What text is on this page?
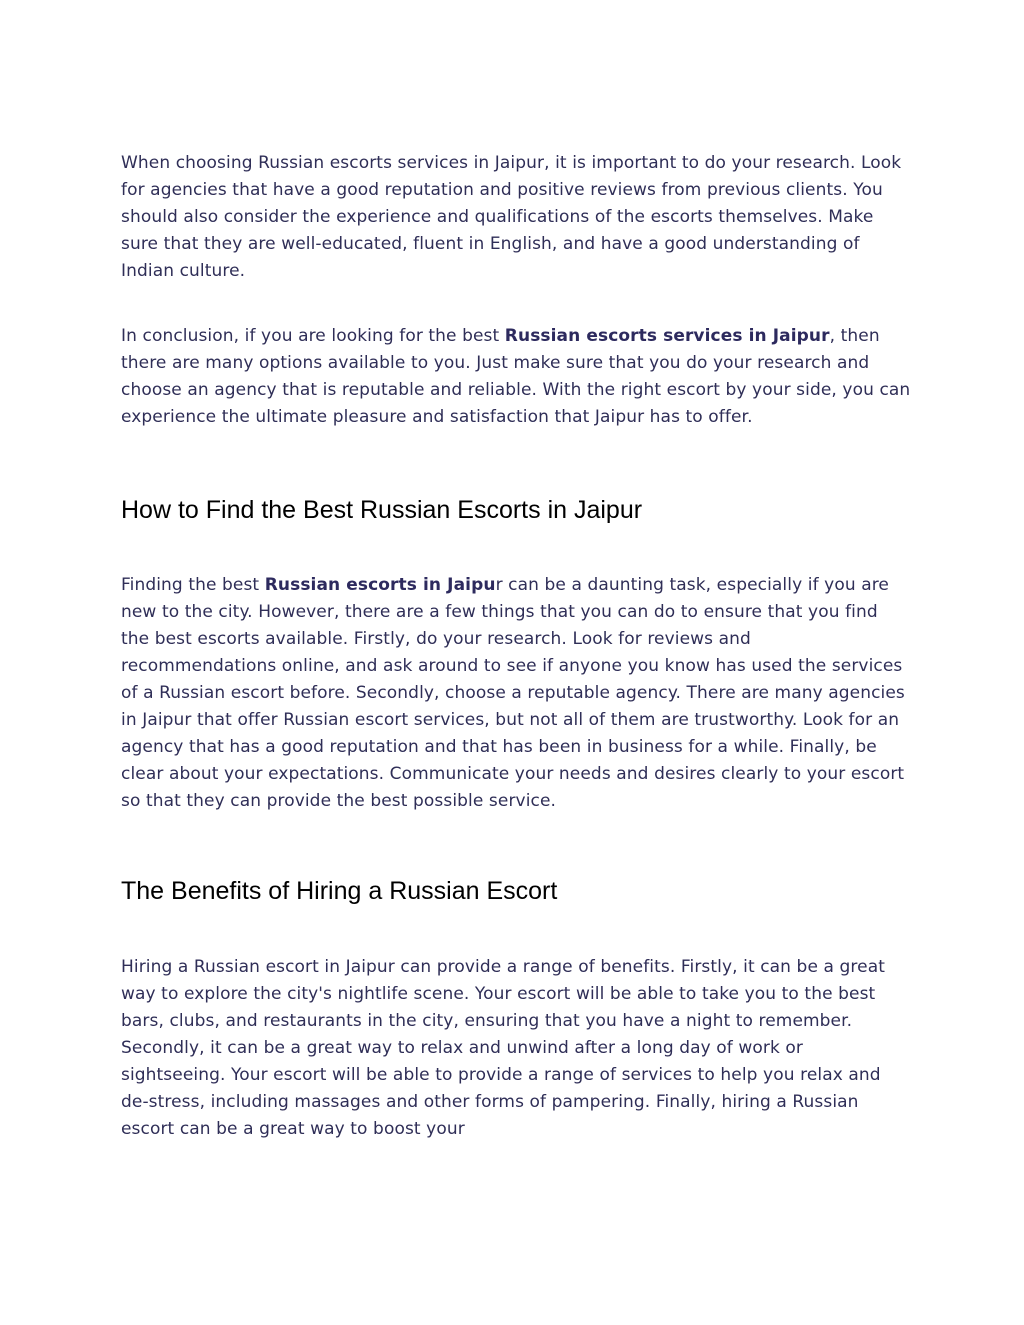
When choosing Russian escorts services in Jaipur, it is important to do your research. Look for agencies that have a good reputation and positive reviews from previous clients. You should also consider the experience and qualifications of the escorts themselves. Make sure that they are well-educated, fluent in English, and have a good understanding of Indian culture.

In conclusion, if you are looking for the best Russian escorts services in Jaipur, then there are many options available to you. Just make sure that you do your research and choose an agency that is reputable and reliable. With the right escort by your side, you can experience the ultimate pleasure and satisfaction that Jaipur has to offer.

How to Find the Best Russian Escorts in Jaipur

Finding the best Russian escorts in Jaipur can be a daunting task, especially if you are new to the city. However, there are a few things that you can do to ensure that you find the best escorts available. Firstly, do your research. Look for reviews and recommendations online, and ask around to see if anyone you know has used the services of a Russian escort before. Secondly, choose a reputable agency. There are many agencies in Jaipur that offer Russian escort services, but not all of them are trustworthy. Look for an agency that has a good reputation and that has been in business for a while. Finally, be clear about your expectations. Communicate your needs and desires clearly to your escort so that they can provide the best possible service.

The Benefits of Hiring a Russian Escort

Hiring a Russian escort in Jaipur can provide a range of benefits. Firstly, it can be a great way to explore the city's nightlife scene. Your escort will be able to take you to the best bars, clubs, and restaurants in the city, ensuring that you have a night to remember. Secondly, it can be a great way to relax and unwind after a long day of work or sightseeing. Your escort will be able to provide a range of services to help you relax and de-stress, including massages and other forms of pampering. Finally, hiring a Russian escort can be a great way to boost your
